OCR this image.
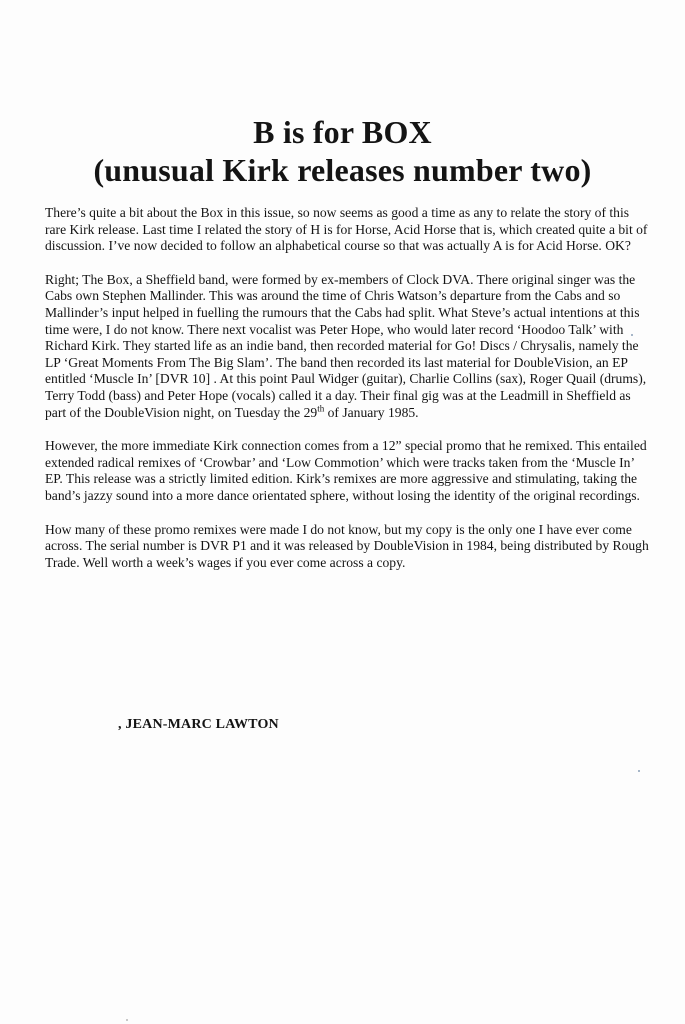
B is for BOX
(unusual Kirk releases number two)

There’s quite a bit about the Box in this issue, so now seems as good a time as any to relate the story of this rare Kirk release. Last time I related the story of H is for Horse, Acid Horse that is, which created quite a bit of discussion. I’ve now decided to follow an alphabetical course so that was actually A is for Acid Horse. OK?

Right; The Box, a Sheffield band, were formed by ex-members of Clock DVA. There original singer was the Cabs own Stephen Mallinder. This was around the time of Chris Watson’s departure from the Cabs and so Mallinder’s input helped in fuelling the rumours that the Cabs had split. What Steve’s actual intentions at this time were, I do not know. There next vocalist was Peter Hope, who would later record ‘Hoodoo Talk’ with Richard Kirk. They started life as an indie band, then recorded material for Go! Discs / Chrysalis, namely the LP ‘Great Moments From The Big Slam’. The band then recorded its last material for DoubleVision, an EP entitled ‘Muscle In’ [DVR 10] . At this point Paul Widger (guitar), Charlie Collins (sax), Roger Quail (drums), Terry Todd (bass) and Peter Hope (vocals) called it a day. Their final gig was at the Leadmill in Sheffield as part of the DoubleVision night, on Tuesday the 29th of January 1985.

However, the more immediate Kirk connection comes from a 12” special promo that he remixed. This entailed extended radical remixes of ‘Crowbar’ and ‘Low Commotion’ which were tracks taken from the ‘Muscle In’ EP. This release was a strictly limited edition. Kirk’s remixes are more aggressive and stimulating, taking the band’s jazzy sound into a more dance orientated sphere, without losing the identity of the original recordings.

How many of these promo remixes were made I do not know, but my copy is the only one I have ever come across. The serial number is DVR P1 and it was released by DoubleVision in 1984, being distributed by Rough Trade. Well worth a week’s wages if you ever come across a copy.

, JEAN-MARC LAWTON
